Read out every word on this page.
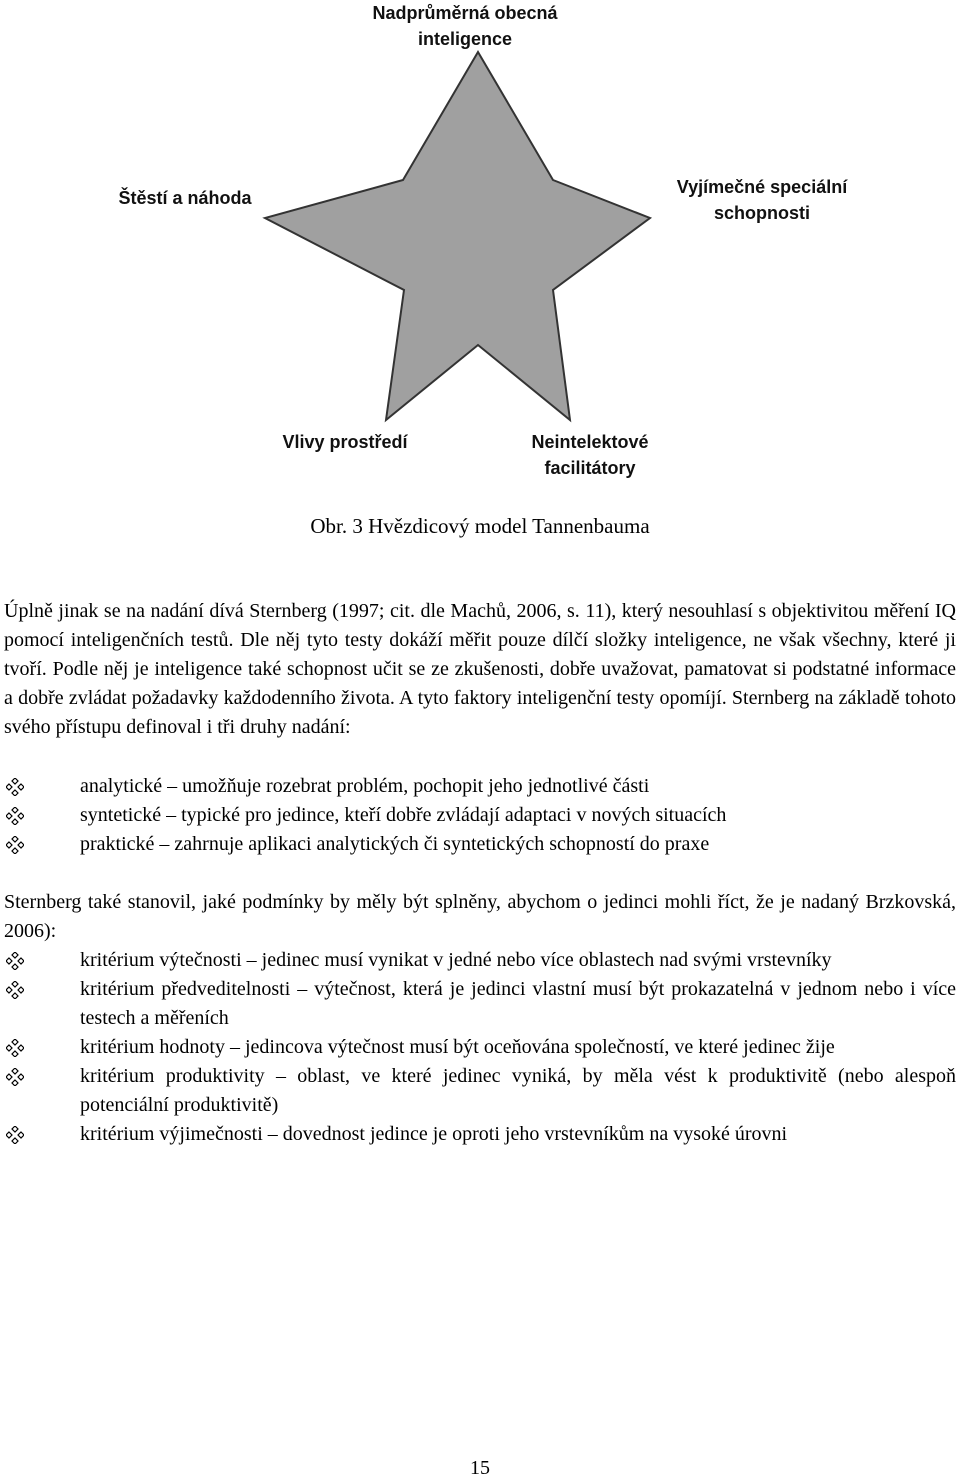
Nadprůměrná obecná
inteligence
Štěstí a náhoda
Vyjímečné speciální
schopnosti
Vlivy prostředí	Neintelektové
facilitátory
Obr. 3 Hvězdicový model Tannenbauma

Úplně jinak se na nadání dívá Sternberg (1997; cit. dle Machů, 2006, s. 11), který nesouhlasí s objektivitou měření IQ pomocí inteligenčních testů. Dle něj tyto testy dokáží měřit pouze dílčí složky inteligence, ne však všechny, které ji tvoří. Podle něj je inteligence také schopnost učit se ze zkušenosti, dobře uvažovat, pamatovat si podstatné informace a dobře zvládat požadavky každodenního života. A tyto faktory inteligenční testy opomíjí. Sternberg na základě tohoto svého přístupu definoval i tři druhy nadání:

analytické – umožňuje rozebrat problém, pochopit jeho jednotlivé části
syntetické – typické pro jedince, kteří dobře zvládají adaptaci v nových situacích
praktické – zahrnuje aplikaci analytických či syntetických schopností do praxe

Sternberg také stanovil, jaké podmínky by měly být splněny, abychom o jedinci mohli říct, že je nadaný Brzkovská, 2006):

kritérium výtečnosti – jedinec musí vynikat v jedné nebo více oblastech nad svými vrstevníky
kritérium předveditelnosti – výtečnost, která je jedinci vlastní musí být prokazatelná v jednom nebo i více testech a měřeních
kritérium hodnoty – jedincova výtečnost musí být oceňována společností, ve které jedinec žije
kritérium produktivity – oblast, ve které jedinec vyniká, by měla vést k produktivitě (nebo alespoň potenciální produktivitě)
kritérium výjimečnosti – dovednost jedince je oproti jeho vrstevníkům na vysoké úrovni
15
